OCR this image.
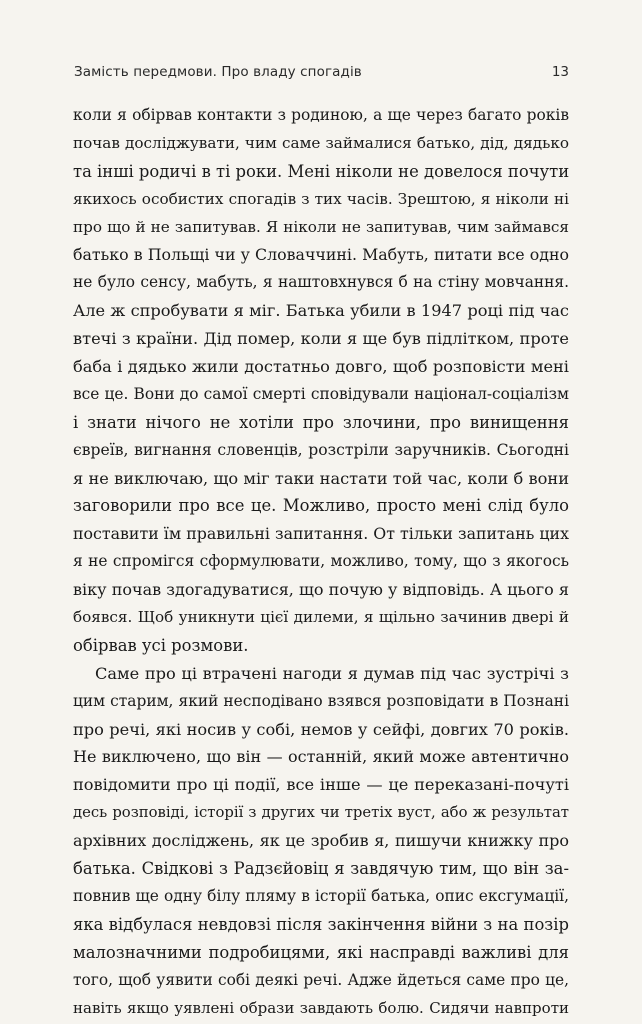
Замість передмови. Про владу спогадів	13
коли я обірвав контакти з родиною, а ще через багато років
почав досліджувати, чим саме займалися батько, дід, дядько
та інші родичі в ті роки. Мені ніколи не довелося почути
якихось особистих спогадів з тих часів. Зрештою, я ніколи ні
про що й не запитував. Я ніколи не запитував, чим займався
батько в Польщі чи у Словаччині. Мабуть, питати все одно
не було сенсу, мабуть, я наштовхнувся б на стіну мовчання.
Але ж спробувати я міг. Батька убили в 1947 році під час
втечі з країни. Дід помер, коли я ще був підлітком, проте
баба і дядько жили достатньо довго, щоб розповісти мені
все це. Вони до самої смерті сповідували націонал-соціалізм
і знати нічого не хотіли про злочини, про винищення
євреїв, вигнання словенців, розстріли заручників. Сьогодні
я не виключаю, що міг таки настати той час, коли б вони
заговорили про все це. Можливо, просто мені слід було
поставити їм правильні запитання. От тільки запитань цих
я не спромігся сформулювати, можливо, тому, що з якогось
віку почав здогадуватися, що почую у відповідь. А цього я
боявся. Щоб уникнути цієї дилеми, я щільно зачинив двері й
обірвав усі розмови.
Саме про ці втрачені нагоди я думав під час зустрічі з
цим старим, який несподівано взявся розповідати в Познані
про речі, які носив у собі, немов у сейфі, довгих 70 років.
Не виключено, що він — останній, який може автентично
повідомити про ці події, все інше — це переказані-почуті
десь розповіді, історії з других чи третіх вуст, або ж результат
архівних досліджень, як це зробив я, пишучи книжку про
батька. Свідкові з Радзєйовіц я завдячую тим, що він за-
повнив ще одну білу пляму в історії батька, опис ексгумації,
яка відбулася невдовзі після закінчення війни з на позір
малозначними подробицями, які насправді важливі для
того, щоб уявити собі деякі речі. Адже йдеться саме про це,
навіть якщо уявлені образи завдають болю. Сидячи навпроти
